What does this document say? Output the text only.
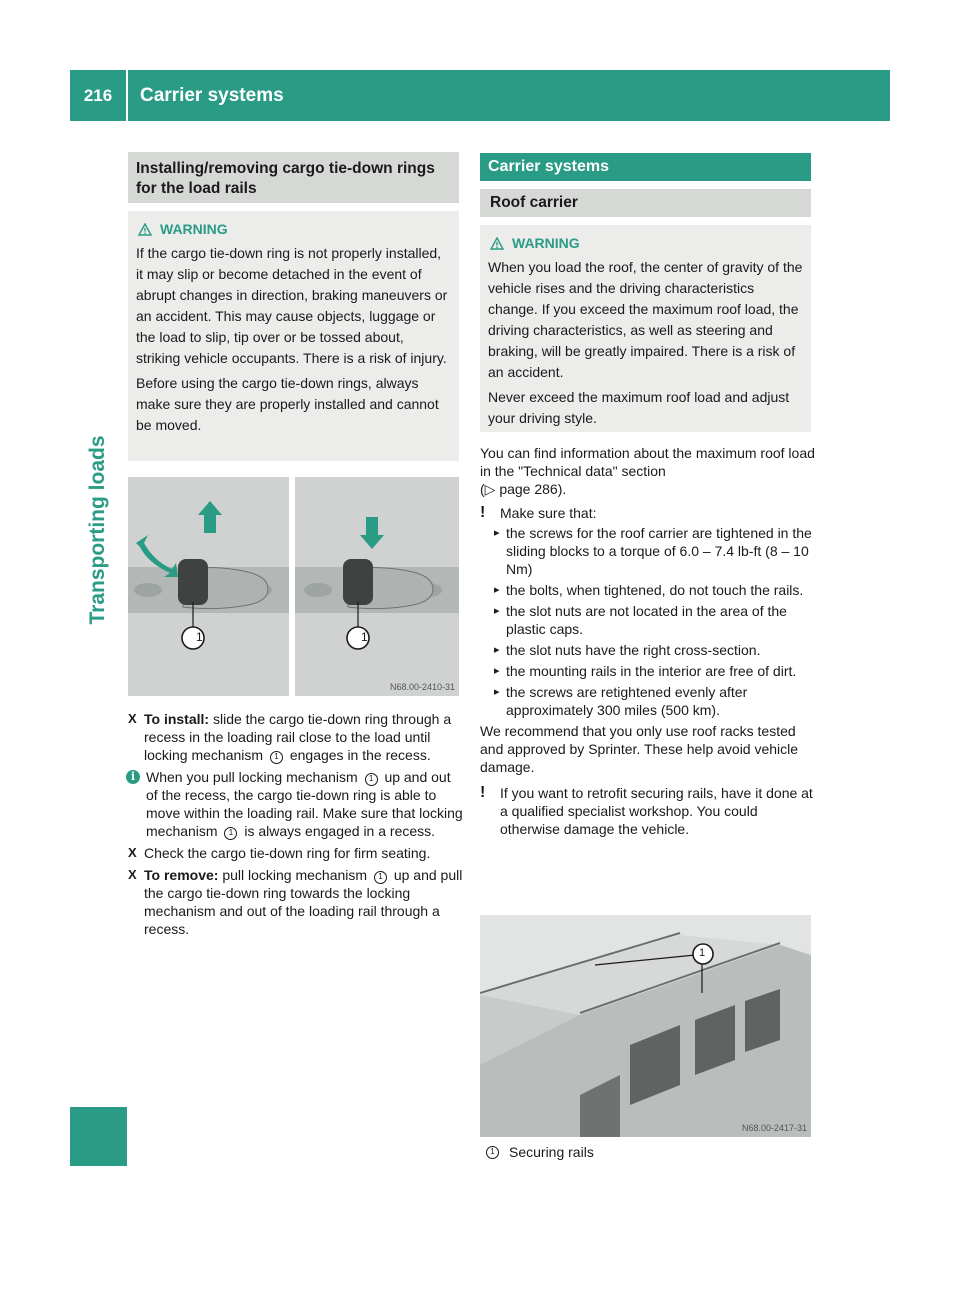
216	Carrier systems
Transporting loads
Installing/removing cargo tie-down rings for the load rails
WARNING

If the cargo tie-down ring is not properly installed, it may slip or become detached in the event of abrupt changes in direction, braking maneuvers or an accident. This may cause objects, luggage or the load to slip, tip over or be tossed about, striking vehicle occupants. There is a risk of injury.

Before using the cargo tie-down rings, always make sure they are properly installed and cannot be moved.

1	1
N68.00-2410-31
X To install: slide the cargo tie-down ring through a recess in the loading rail close to the load until locking mechanism 1 engages in the recess.
i When you pull locking mechanism 1 up and out of the recess, the cargo tie-down ring is able to move within the loading rail. Make sure that locking mechanism 1 is always engaged in a recess.
X Check the cargo tie-down ring for firm seating.
X To remove: pull locking mechanism 1 up and pull the cargo tie-down ring towards the locking mechanism and out of the loading rail through a recess.
Carrier systems
Roof carrier
WARNING

When you load the roof, the center of gravity of the vehicle rises and the driving characteristics change. If you exceed the maximum roof load, the driving characteristics, as well as steering and braking, will be greatly impaired. There is a risk of an accident.

Never exceed the maximum roof load and adjust your driving style.

You can find information about the maximum roof load in the "Technical data" section
(▷ page 286).

!	Make sure that:
▸ the screws for the roof carrier are tightened in the sliding blocks to a torque of 6.0 – 7.4 lb-ft (8 – 10 Nm)
▸ the bolts, when tightened, do not touch the rails.
▸ the slot nuts are not located in the area of the plastic caps.
▸ the slot nuts have the right cross-section.
▸ the mounting rails in the interior are free of dirt.
▸ the screws are retightened evenly after approximately 300 miles (500 km).

We recommend that you only use roof racks tested and approved by Sprinter. These help avoid vehicle damage.

!	If you want to retrofit securing rails, have it done at a qualified specialist workshop. You could otherwise damage the vehicle.
1
N68.00-2417-31
1	Securing rails
